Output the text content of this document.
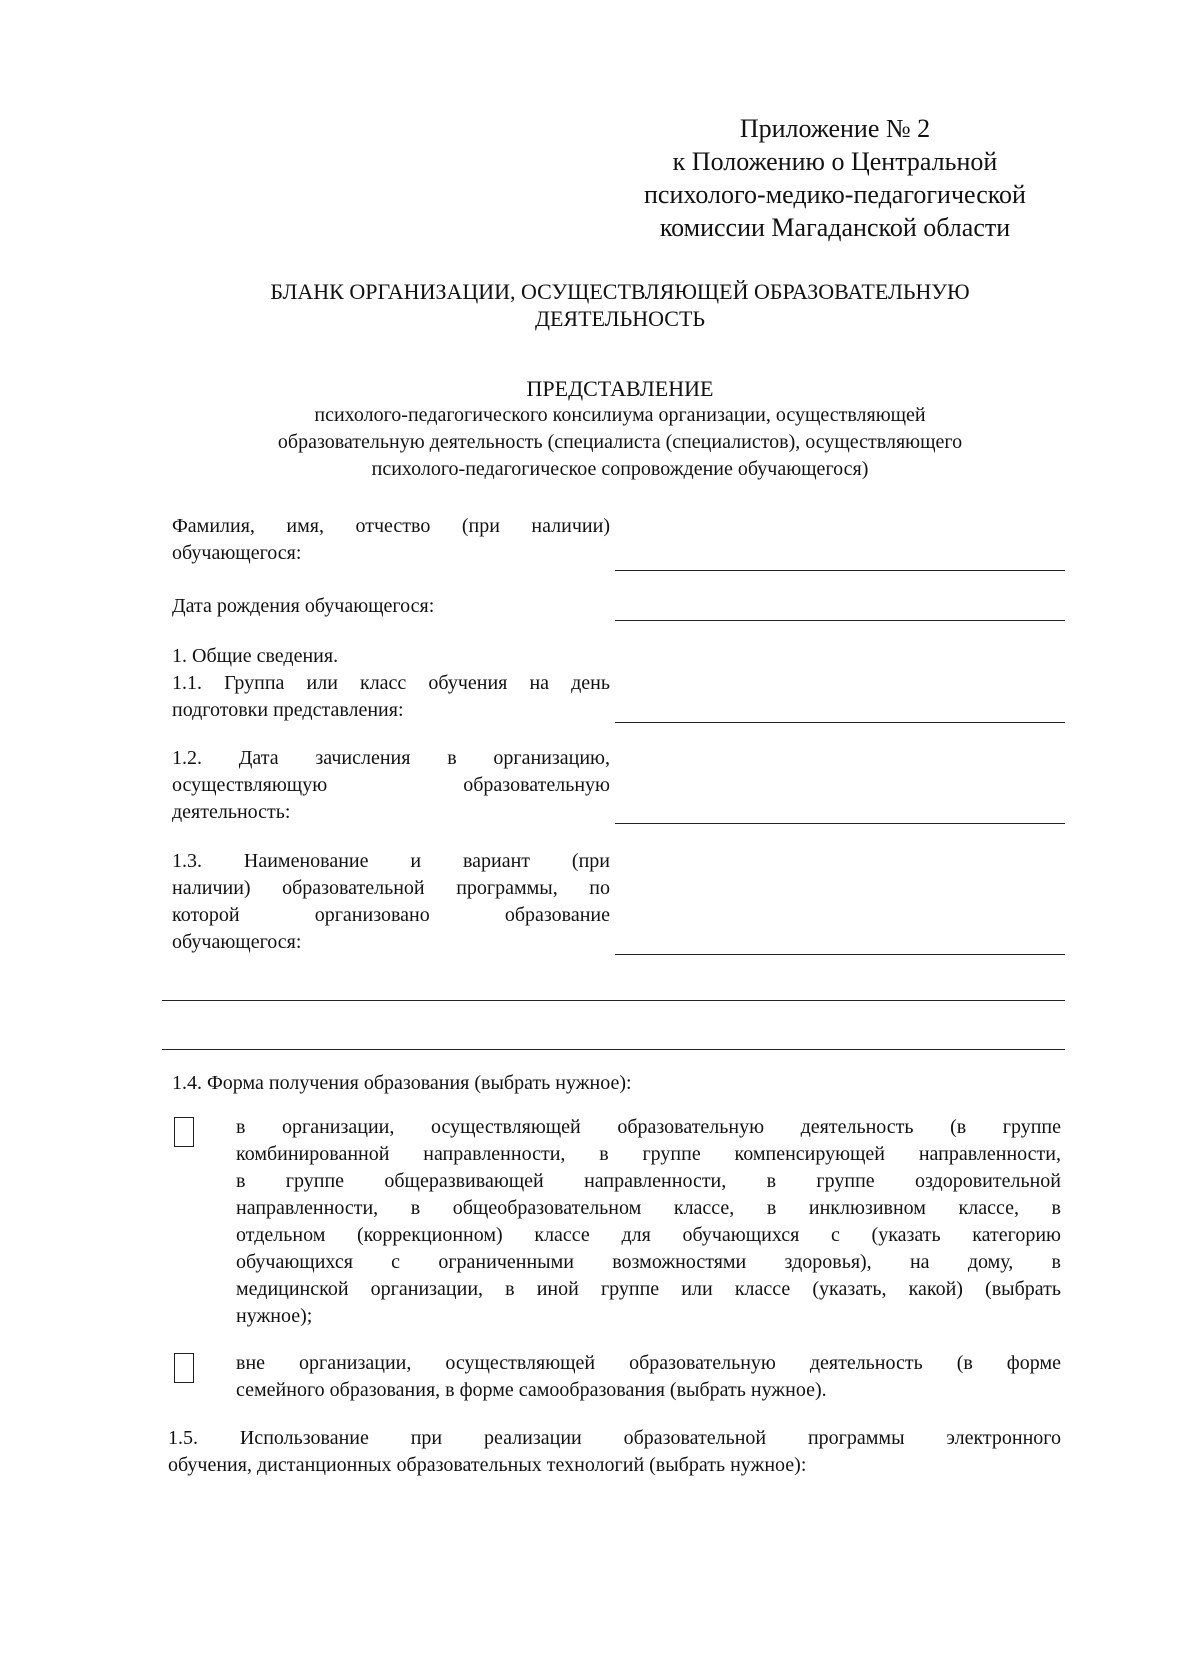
Приложение № 2
к Положению о Центральной
психолого-медико-педагогической
комиссии Магаданской области
БЛАНК ОРГАНИЗАЦИИ, ОСУЩЕСТВЛЯЮЩЕЙ ОБРАЗОВАТЕЛЬНУЮ
ДЕЯТЕЛЬНОСТЬ
ПРЕДСТАВЛЕНИЕ
психолого-педагогического консилиума организации, осуществляющей
образовательную деятельность (специалиста (специалистов), осуществляющего
психолого-педагогическое сопровождение обучающегося)
Фамилия, имя, отчество (при наличии)
обучающегося:
Дата рождения обучающегося:
1. Общие сведения.
1.1. Группа или класс обучения на день
подготовки представления:
1.2. Дата зачисления в организацию,
осуществляющую образовательную
деятельность:
1.3. Наименование и вариант (при
наличии) образовательной программы, по
которой организовано образование
обучающегося:
1.4. Форма получения образования (выбрать нужное):
в организации, осуществляющей образовательную деятельность (в группе
комбинированной направленности, в группе компенсирующей направленности,
в группе общеразвивающей направленности, в группе оздоровительной
направленности, в общеобразовательном классе, в инклюзивном классе, в
отдельном (коррекционном) классе для обучающихся с (указать категорию
обучающихся с ограниченными возможностями здоровья), на дому, в
медицинской организации, в иной группе или классе (указать, какой) (выбрать
нужное);
вне организации, осуществляющей образовательную деятельность (в форме
семейного образования, в форме самообразования (выбрать нужное).
1.5. Использование при реализации образовательной программы электронного
обучения, дистанционных образовательных технологий (выбрать нужное):
